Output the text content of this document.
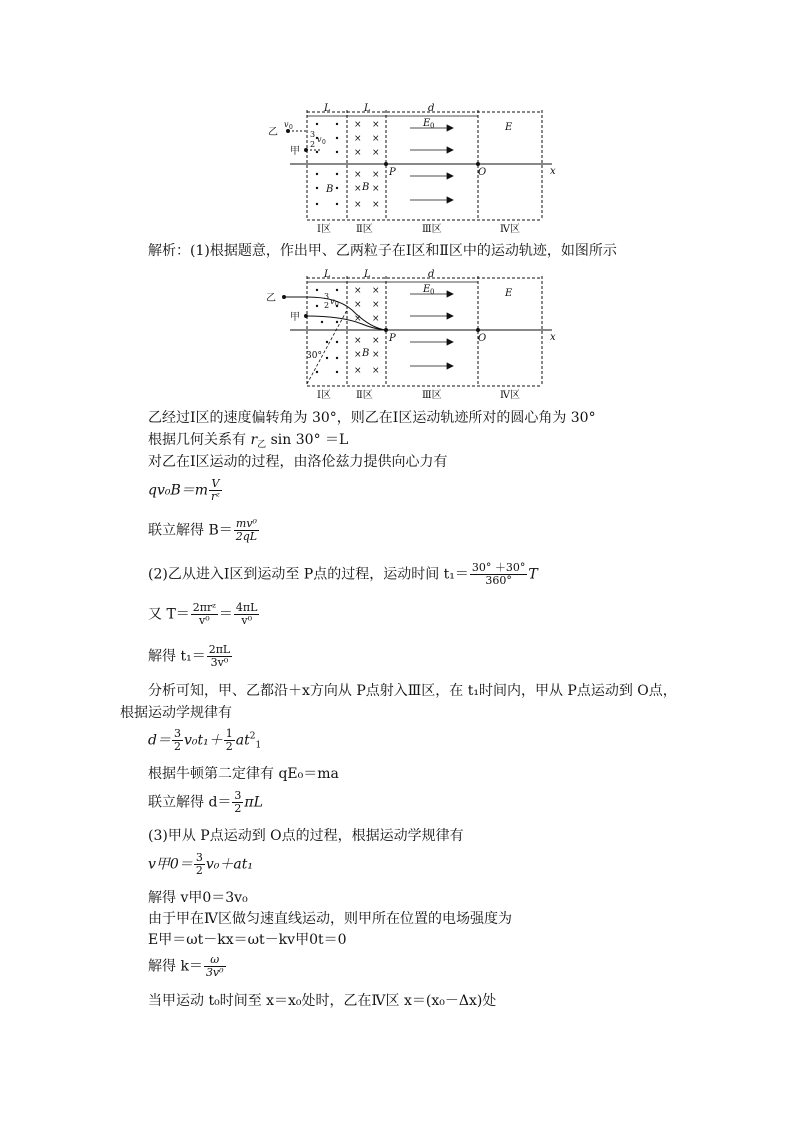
× ×
× ×
× ×
× ×
× ×
× ×
L	L	d
E 0	E
乙
甲
v 0
3
2
v 0
P	O	x
B	B
Ⅰ区	Ⅱ区	Ⅲ区	Ⅳ区
解析：(1)根据题意，作出甲、乙两粒子在Ⅰ区和Ⅱ区中的运动轨迹，如图所示
× ×
× ×
× ×
× ×
× ×
× ×
L	L	d
E 0	E
乙
甲
3
2 v 0
P	O	x
B
30°
Ⅰ区	Ⅱ区	Ⅲ区	Ⅳ区
乙经过Ⅰ区的速度偏转角为 30°，则乙在Ⅰ区运动轨迹所对的圆心角为 30°
根据几何关系有 $r_乙$ sin 30° ＝L
对乙在Ⅰ区运动的过程，由洛伦兹力提供向心力有
$qv_0B=m \frac{V}{\text{rᶻ}}$
联立解得 $B= \frac{\text{mv⁰}}{2qL}$
(2)乙从进入Ⅰ区到运动至 P点的过程，运动时间 $t_1= \frac{30^\circ +30^\circ}{360^\circ}$ T
又 $T= \frac{\text{2πrᶻ}}{\text{v⁰}} = \frac{4\pi L}{\text{v⁰}}$
解得 $t_1= \frac{2\pi L}{\text{3v⁰}}$
分析可知，甲、乙都沿＋x方向从 P点射入Ⅲ区，在 t₁时间内，甲从 P点运动到 O点，
根据运动学规律有
$d= \frac{3}{2} v_0t_1+ \frac{1}{2} at^2_1$
根据牛顿第二定律有 qE₀＝ma
联立解得 $d= \frac{3}{2}$ πL
(3)甲从 P点运动到 O点的过程，根据运动学规律有
v甲$0= \frac{3}{2} v_0+at_1$
解得 v甲0＝3v₀
由于甲在Ⅳ区做匀速直线运动，则甲所在位置的电场强度为
E甲＝ωt－kx＝ωt－kv甲0t＝0
解得 $k= \frac{\omega}{\text{3v⁰}}$
当甲运动 t₀时间至 x＝x₀处时，乙在Ⅳ区 x＝(x₀－Δx)处
